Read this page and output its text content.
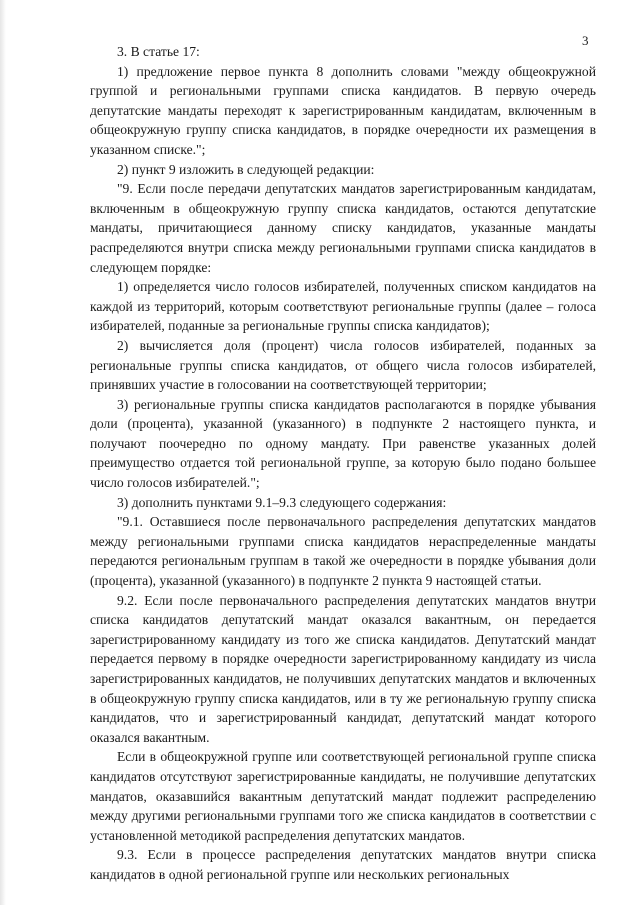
3

3. В статье 17:

1) предложение первое пункта 8 дополнить словами "между общеокружной группой и региональными группами списка кандидатов. В первую очередь депутатские мандаты переходят к зарегистрированным кандидатам, включенным в общеокружную группу списка кандидатов, в порядке очередности их размещения в указанном списке.";

2) пункт 9 изложить в следующей редакции:

"9. Если после передачи депутатских мандатов зарегистрированным кандидатам, включенным в общеокружную группу списка кандидатов, остаются депутатские мандаты, причитающиеся данному списку кандидатов, указанные мандаты распределяются внутри списка между региональными группами списка кандидатов в следующем порядке:

1) определяется число голосов избирателей, полученных списком кандидатов на каждой из территорий, которым соответствуют региональные группы (далее – голоса избирателей, поданные за региональные группы списка кандидатов);

2) вычисляется доля (процент) числа голосов избирателей, поданных за региональные группы списка кандидатов, от общего числа голосов избирателей, принявших участие в голосовании на соответствующей территории;

3) региональные группы списка кандидатов располагаются в порядке убывания доли (процента), указанной (указанного) в подпункте 2 настоящего пункта, и получают поочередно по одному мандату. При равенстве указанных долей преимущество отдается той региональной группе, за которую было подано большее число голосов избирателей.";

3) дополнить пунктами 9.1–9.3 следующего содержания:

"9.1. Оставшиеся после первоначального распределения депутатских мандатов между региональными группами списка кандидатов нераспределенные мандаты передаются региональным группам в такой же очередности в порядке убывания доли (процента), указанной (указанного) в подпункте 2 пункта 9 настоящей статьи.

9.2. Если после первоначального распределения депутатских мандатов внутри списка кандидатов депутатский мандат оказался вакантным, он передается зарегистрированному кандидату из того же списка кандидатов. Депутатский мандат передается первому в порядке очередности зарегистрированному кандидату из числа зарегистрированных кандидатов, не получивших депутатских мандатов и включенных в общеокружную группу списка кандидатов, или в ту же региональную группу списка кандидатов, что и зарегистрированный кандидат, депутатский мандат которого оказался вакантным.

Если в общеокружной группе или соответствующей региональной группе списка кандидатов отсутствуют зарегистрированные кандидаты, не получившие депутатских мандатов, оказавшийся вакантным депутатский мандат подлежит распределению между другими региональными группами того же списка кандидатов в соответствии с установленной методикой распределения депутатских мандатов.

9.3. Если в процессе распределения депутатских мандатов внутри списка кандидатов в одной региональной группе или нескольких региональных
